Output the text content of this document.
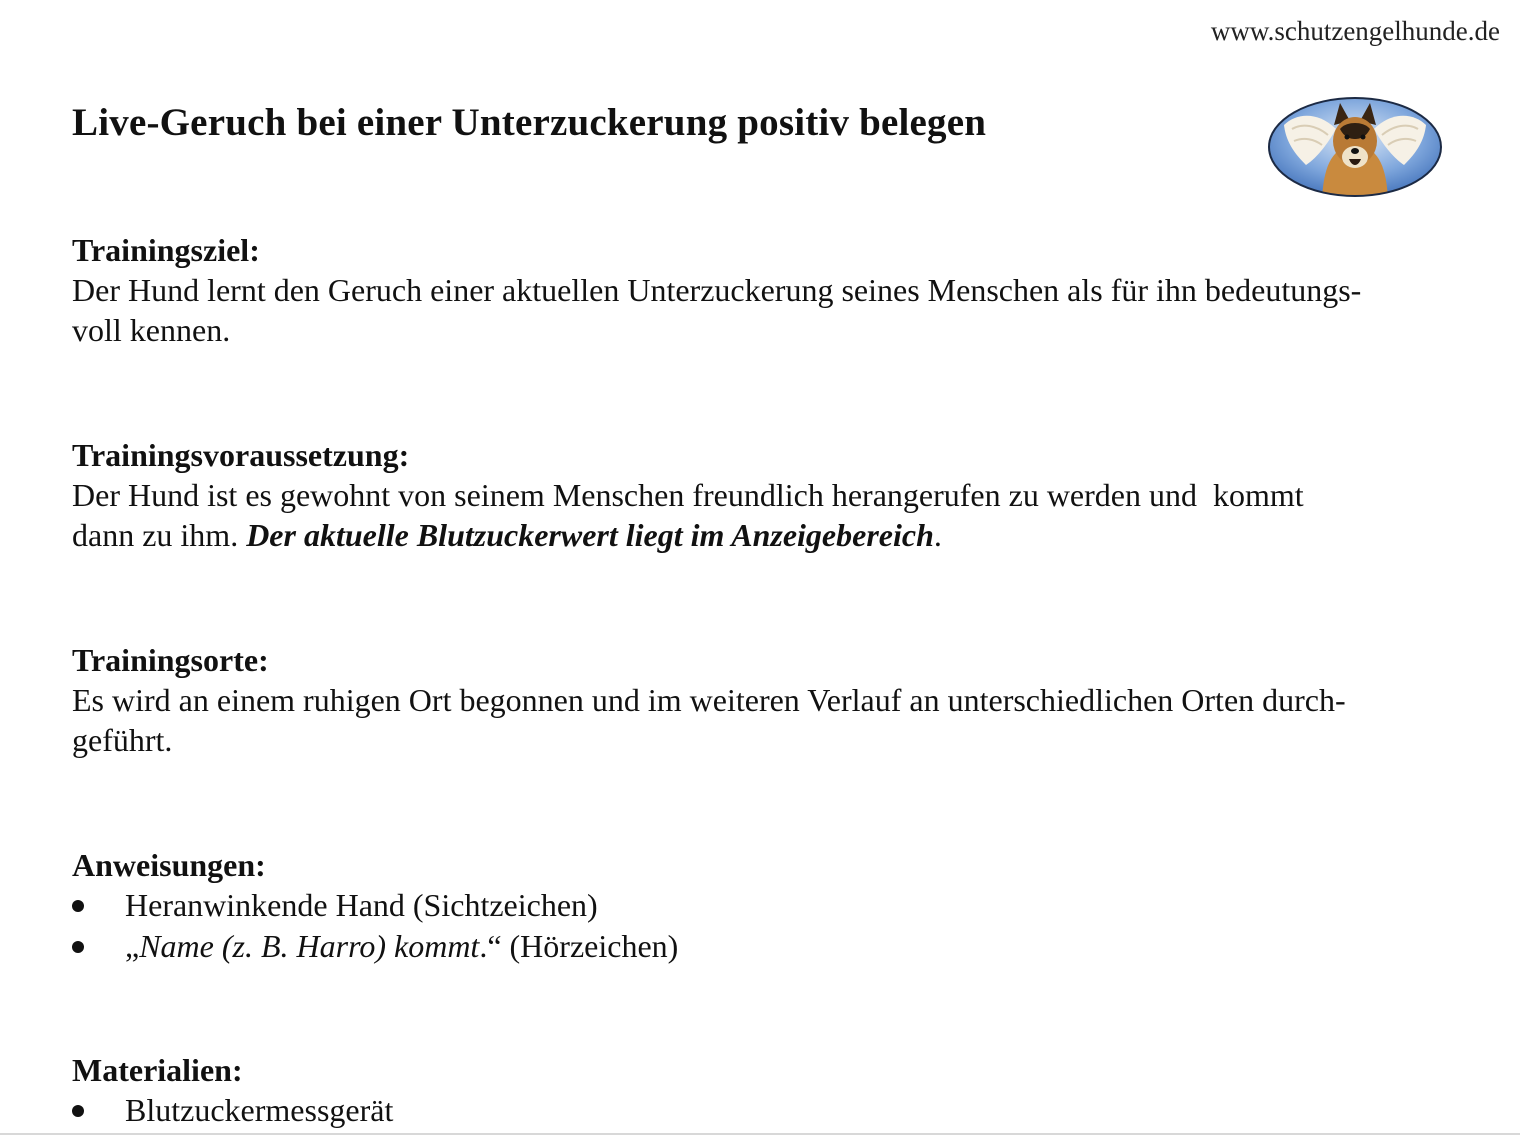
www.schutzengelhunde.de
Live-Geruch bei einer Unterzuckerung positiv belegen

Trainingsziel:

Der Hund lernt den Geruch einer aktuellen Unterzuckerung seines Menschen als für ihn bedeutungs-
voll kennen.

Trainingsvoraussetzung:

Der Hund ist es gewohnt von seinem Menschen freundlich herangerufen zu werden und  kommt
dann zu ihm. Der aktuelle Blutzuckerwert liegt im Anzeigebereich.

Trainingsorte:

Es wird an einem ruhigen Ort begonnen und im weiteren Verlauf an unterschiedlichen Orten durch-
geführt.

Anweisungen:

Heranwinkende Hand (Sichtzeichen)
„Name (z. B. Harro) kommt.“ (Hörzeichen)

Materialien:

Blutzuckermessgerät
